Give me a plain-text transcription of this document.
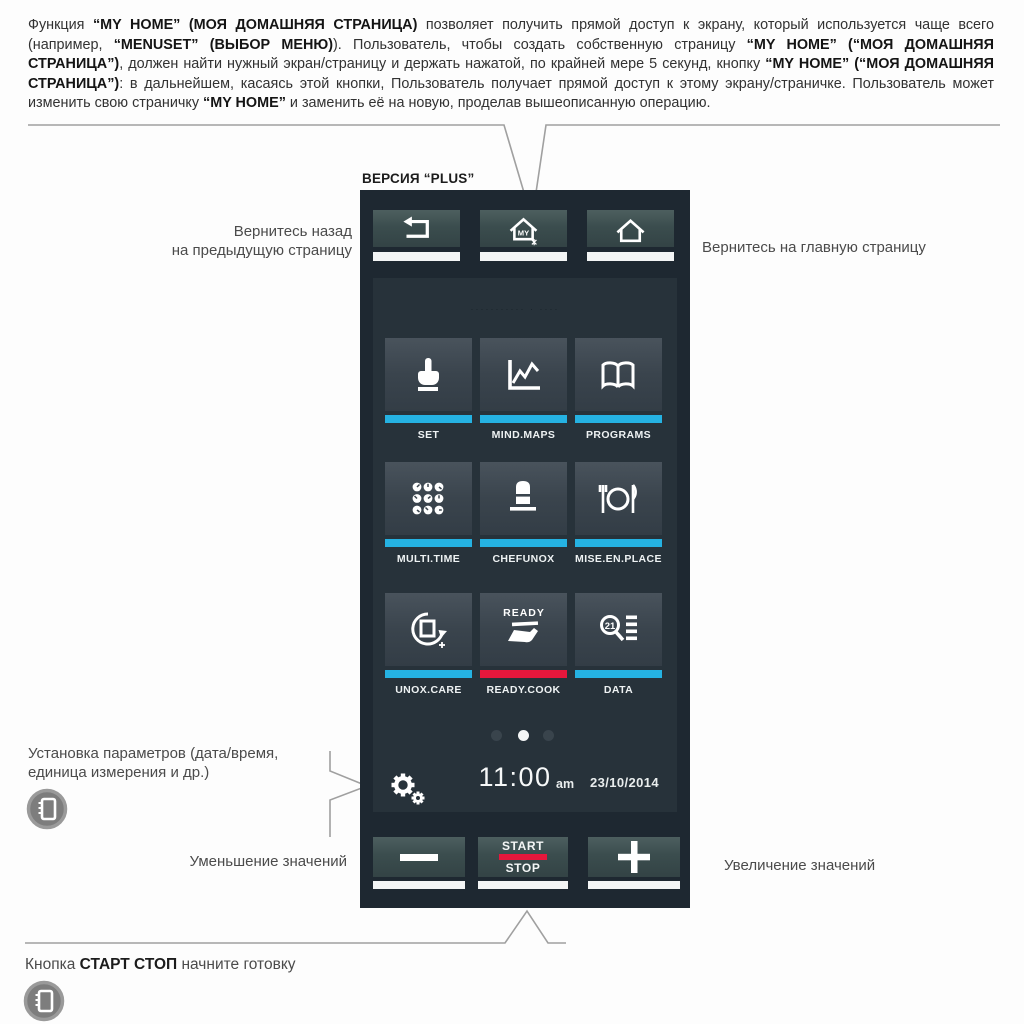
Функция “MY HOME” (МОЯ ДОМАШНЯЯ СТРАНИЦА) позволяет получить прямой доступ к экрану, который используется чаще всего (например, “MENUSET” (ВЫБОР МЕНЮ)). Пользователь, чтобы создать собственную страницу “MY HOME” (“МОЯ ДОМАШНЯЯ СТРАНИЦА”), должен найти нужный экран/страницу и держать нажатой, по крайней мере 5 секунд, кнопку “MY HOME” (“МОЯ ДОМАШНЯЯ СТРАНИЦА”): в дальнейшем, касаясь этой кнопки, Пользователь получает прямой доступ к этому экрану/страничке. Пользователь может изменить свою страничку “MY HOME” и заменить её на новую, проделав вышеописанную операцию.
ВЕРСИЯ “PLUS”
Вернитесь назад
на предыдущую страницу	Вернитесь на главную страницу
Установка параметров (дата/время,
единица измерения и др.)
Уменьшение значений	Увеличение значений
Кнопка СТАРТ СТОП начните готовку
MY
··········· · ····
SET	MIND.MAPS	PROGRAMS
MULTI.TIME	CHEFUNOX	MISE.EN.PLACE
UNOX.CARE
READY
READY.COOK
21
DATA
11:00 am 23/10/2014
START
STOP
